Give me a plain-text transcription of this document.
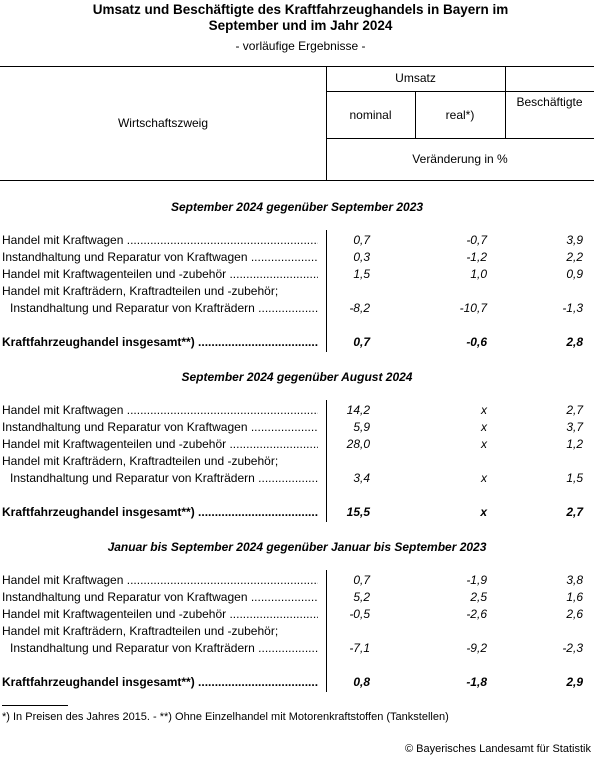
Umsatz und Beschäftigte des Kraftfahrzeughandels in Bayern im
September und im Jahr 2024
- vorläufige Ergebnisse -
Wirtschaftszweig
Umsatz
nominal	real*)
Beschäftigte
Veränderung in %
September 2024 gegenüber September 2023
Handel mit Kraftwagen .....	0,7	-0,7	3,9
Instandhaltung und Reparatur von Kraftwagen .....	0,3	-1,2	2,2
Handel mit Kraftwagenteilen und -zubehör .....	1,5	1,0	0,9
Handel mit Krafträdern, Kraftradteilen und -zubehör;
Instandhaltung und Reparatur von Krafträdern .....	-8,2	-10,7	-1,3
Kraftfahrzeughandel insgesamt**) .....	0,7	-0,6	2,8
September 2024 gegenüber August 2024
Handel mit Kraftwagen .....	14,2	x	2,7
Instandhaltung und Reparatur von Kraftwagen .....	5,9	x	3,7
Handel mit Kraftwagenteilen und -zubehör .....	28,0	x	1,2
Handel mit Krafträdern, Kraftradteilen und -zubehör;
Instandhaltung und Reparatur von Krafträdern .....	3,4	x	1,5
Kraftfahrzeughandel insgesamt**) .....	15,5	x	2,7
Januar bis September 2024 gegenüber Januar bis September 2023
Handel mit Kraftwagen .....	0,7	-1,9	3,8
Instandhaltung und Reparatur von Kraftwagen .....	5,2	2,5	1,6
Handel mit Kraftwagenteilen und -zubehör .....	-0,5	-2,6	2,6
Handel mit Krafträdern, Kraftradteilen und -zubehör;
Instandhaltung und Reparatur von Krafträdern .....	-7,1	-9,2	-2,3
Kraftfahrzeughandel insgesamt**) .....	0,8	-1,8	2,9
*) In Preisen des Jahres 2015. - **) Ohne Einzelhandel mit Motorenkraftstoffen (Tankstellen)
© Bayerisches Landesamt für Statistik
